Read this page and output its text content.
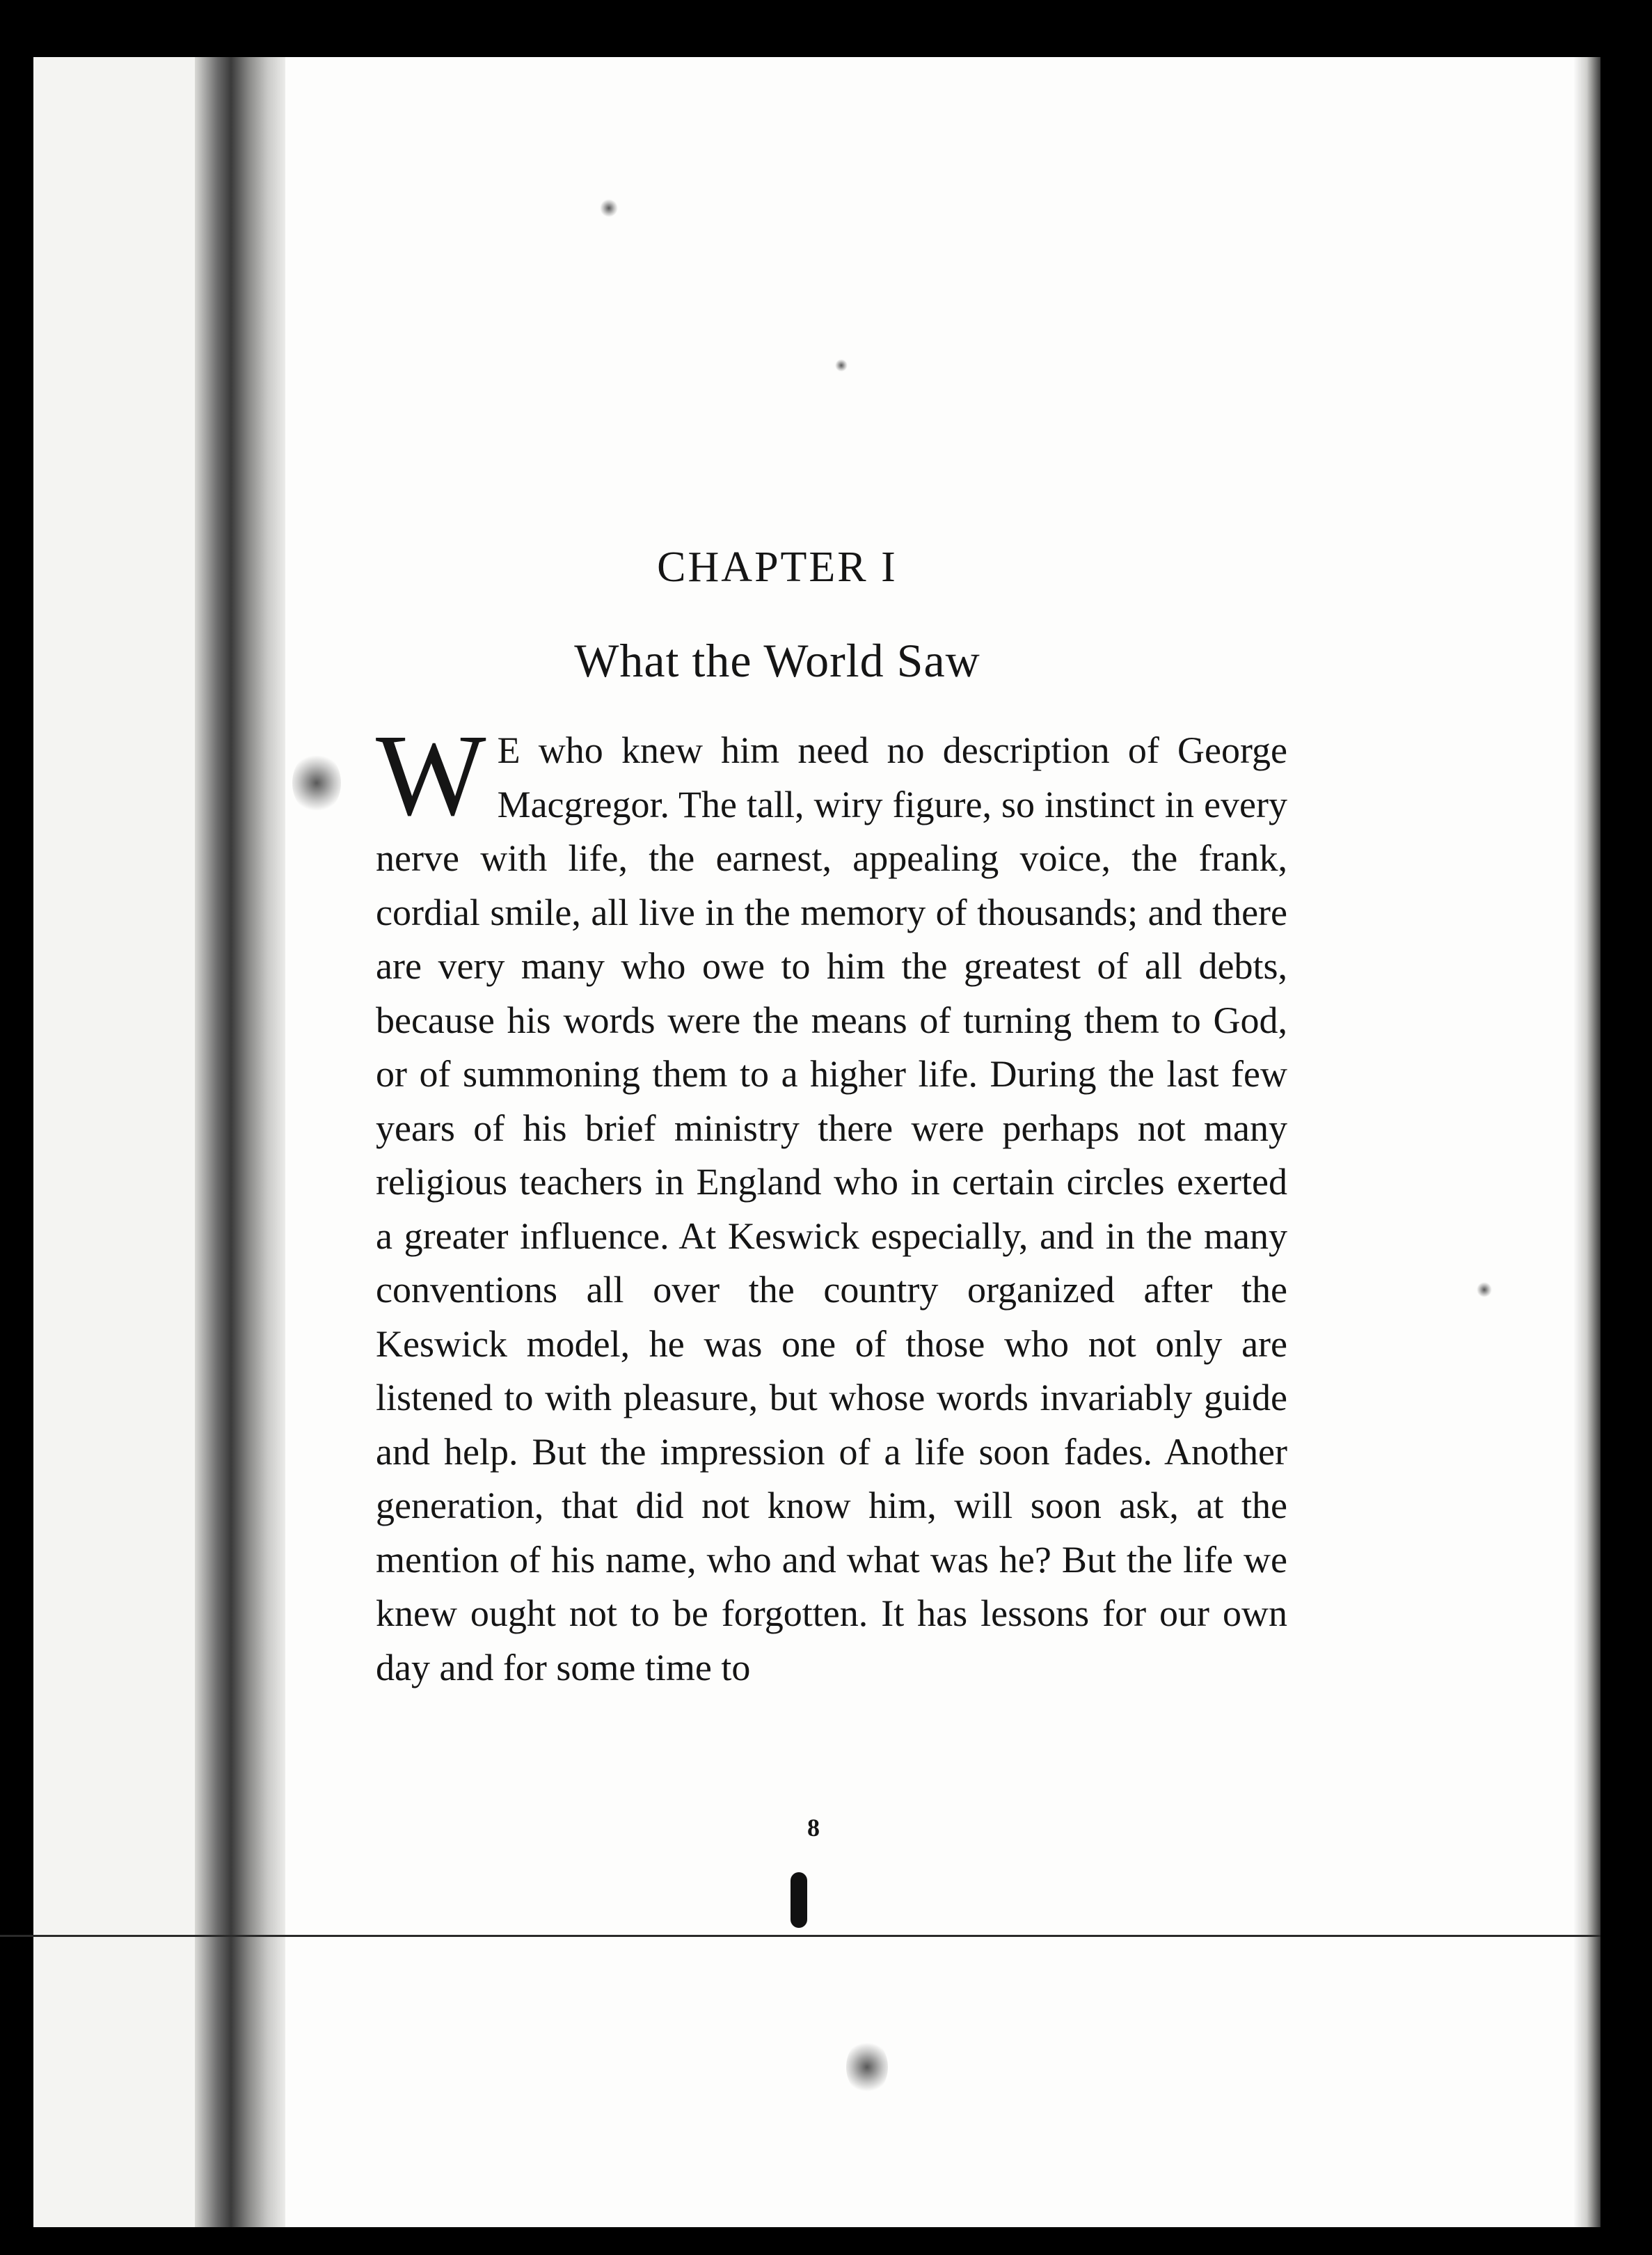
CHAPTER I
What the World Saw
W E who knew him need no description of George Macgregor. The tall, wiry figure, so instinct in every nerve with life, the earnest, appealing voice, the frank, cordial smile, all live in the memory of thousands; and there are very many who owe to him the greatest of all debts, because his words were the means of turning them to God, or of summoning them to a higher life. During the last few years of his brief ministry there were perhaps not many religious teachers in England who in certain circles exerted a greater influence. At Keswick especially, and in the many conventions all over the country organized after the Keswick model, he was one of those who not only are listened to with pleasure, but whose words invariably guide and help. But the impression of a life soon fades. Another generation, that did not know him, will soon ask, at the mention of his name, who and what was he? But the life we knew ought not to be forgotten. It has lessons for our own day and for some time to
8
